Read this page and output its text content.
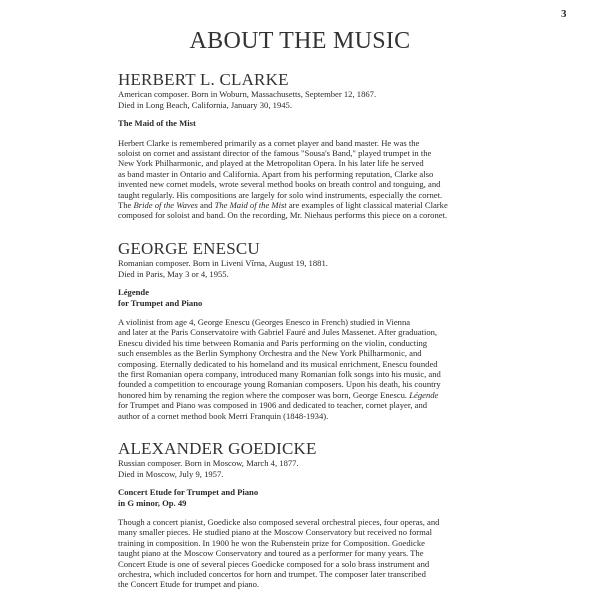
3
ABOUT THE MUSIC
HERBERT L. CLARKE
American composer. Born in Woburn, Massachusetts, September 12, 1867.
Died in Long Beach, California, January 30, 1945.
The Maid of the Mist
Herbert Clarke is remembered primarily as a cornet player and band master. He was the
soloist on cornet and assistant director of the famous "Sousa's Band," played trumpet in the
New York Philharmonic, and played at the Metropolitan Opera. In his later life he served
as band master in Ontario and California. Apart from his performing reputation, Clarke also
invented new cornet models, wrote several method books on breath control and tonguing, and
taught regularly. His compositions are largely for solo wind instruments, especially the cornet.
The Bride of the Waves and The Maid of the Mist are examples of light classical material Clarke
composed for soloist and band. On the recording, Mr. Niehaus performs this piece on a coronet.
GEORGE ENESCU
Romanian composer. Born in Liveni Vîrna, August 19, 1881.
Died in Paris, May 3 or 4, 1955.
Légende
for Trumpet and Piano
A violinist from age 4, George Enescu (Georges Enesco in French) studied in Vienna
and later at the Paris Conservatoire with Gabriel Fauré and Jules Massenet. After graduation,
Enescu divided his time between Romania and Paris performing on the violin, conducting
such ensembles as the Berlin Symphony Orchestra and the New York Philharmonic, and
composing. Eternally dedicated to his homeland and its musical enrichment, Enescu founded
the first Romanian opera company, introduced many Romanian folk songs into his music, and
founded a competition to encourage young Romanian composers. Upon his death, his country
honored him by renaming the region where the composer was born, George Enescu. Légende
for Trumpet and Piano was composed in 1906 and dedicated to teacher, cornet player, and
author of a cornet method book Merri Franquin (1848-1934).
ALEXANDER GOEDICKE
Russian composer. Born in Moscow, March 4, 1877.
Died in Moscow, July 9, 1957.
Concert Etude for Trumpet and Piano
in G minor, Op. 49
Though a concert pianist, Goedicke also composed several orchestral pieces, four operas, and
many smaller pieces. He studied piano at the Moscow Conservatory but received no formal
training in composition. In 1900 he won the Rubenstein prize for Composition. Goedicke
taught piano at the Moscow Conservatory and toured as a performer for many years. The
Concert Etude is one of several pieces Goedicke composed for a solo brass instrument and
orchestra, which included concertos for horn and trumpet. The composer later transcribed
the Concert Etude for trumpet and piano.
